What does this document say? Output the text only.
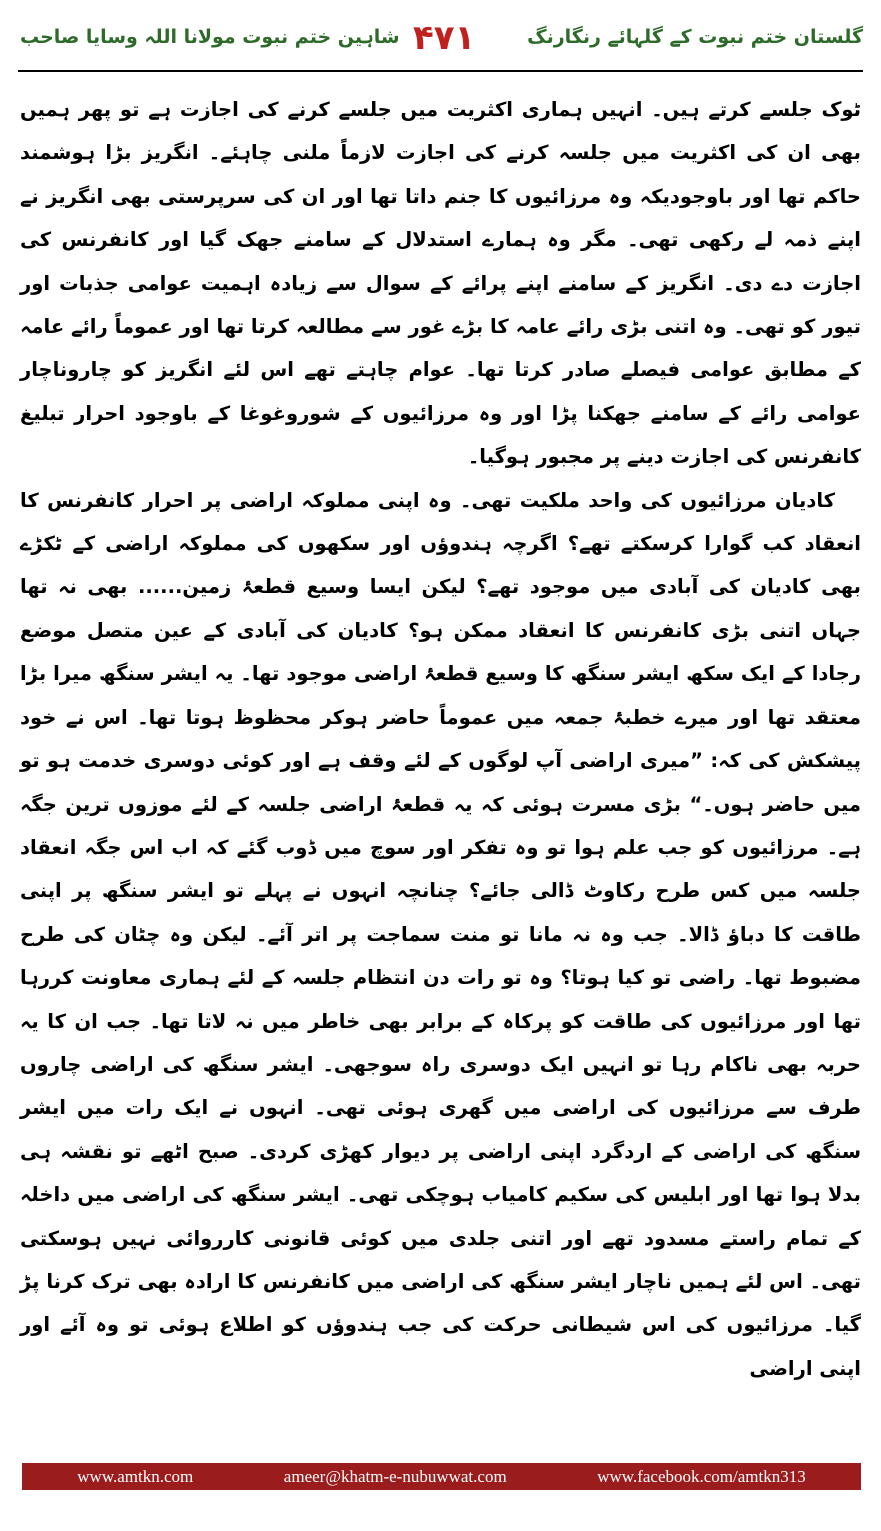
گلستان ختم نبوت کے گلہائے رنگارنگ
۴۷۱
شاہین ختم نبوت مولانا اللہ وسایا صاحب

ٹوک جلسے کرتے ہیں۔ انہیں ہماری اکثریت میں جلسے کرنے کی اجازت ہے تو پھر ہمیں بھی ان کی اکثریت میں جلسہ کرنے کی اجازت لازماً ملنی چاہئے۔ انگریز بڑا ہوشمند حاکم تھا اور باوجودیکہ وہ مرزائیوں کا جنم داتا تھا اور ان کی سرپرستی بھی انگریز نے اپنے ذمہ لے رکھی تھی۔ مگر وہ ہمارے استدلال کے سامنے جھک گیا اور کانفرنس کی اجازت دے دی۔ انگریز کے سامنے اپنے پرائے کے سوال سے زیادہ اہمیت عوامی جذبات اور تیور کو تھی۔ وہ اتنی بڑی رائے عامہ کا بڑے غور سے مطالعہ کرتا تھا اور عموماً رائے عامہ کے مطابق عوامی فیصلے صادر کرتا تھا۔ عوام چاہتے تھے اس لئے انگریز کو چاروناچار عوامی رائے کے سامنے جھکنا پڑا اور وہ مرزائیوں کے شوروغوغا کے باوجود احرار تبلیغ کانفرنس کی اجازت دینے پر مجبور ہوگیا۔

کادیان مرزائیوں کی واحد ملکیت تھی۔ وہ اپنی مملوکہ اراضی پر احرار کانفرنس کا انعقاد کب گوارا کرسکتے تھے؟ اگرچہ ہندوؤں اور سکھوں کی مملوکہ اراضی کے ٹکڑے بھی کادیان کی آبادی میں موجود تھے؟ لیکن ایسا وسیع قطعۂ زمین...... بھی نہ تھا جہاں اتنی بڑی کانفرنس کا انعقاد ممکن ہو؟ کادیان کی آبادی کے عین متصل موضع رجادا کے ایک سکھ ایشر سنگھ کا وسیع قطعۂ اراضی موجود تھا۔ یہ ایشر سنگھ میرا بڑا معتقد تھا اور میرے خطبۂ جمعہ میں عموماً حاضر ہوکر محظوظ ہوتا تھا۔ اس نے خود پیشکش کی کہ: ”میری اراضی آپ لوگوں کے لئے وقف ہے اور کوئی دوسری خدمت ہو تو میں حاضر ہوں۔“ بڑی مسرت ہوئی کہ یہ قطعۂ اراضی جلسہ کے لئے موزوں ترین جگہ ہے۔ مرزائیوں کو جب علم ہوا تو وہ تفکر اور سوچ میں ڈوب گئے کہ اب اس جگہ انعقاد جلسہ میں کس طرح رکاوٹ ڈالی جائے؟ چنانچہ انہوں نے پہلے تو ایشر سنگھ پر اپنی طاقت کا دباؤ ڈالا۔ جب وہ نہ مانا تو منت سماجت پر اتر آئے۔ لیکن وہ چٹان کی طرح مضبوط تھا۔ راضی تو کیا ہوتا؟ وہ تو رات دن انتظام جلسہ کے لئے ہماری معاونت کررہا تھا اور مرزائیوں کی طاقت کو پرکاہ کے برابر بھی خاطر میں نہ لاتا تھا۔ جب ان کا یہ حربہ بھی ناکام رہا تو انہیں ایک دوسری راہ سوجھی۔ ایشر سنگھ کی اراضی چاروں طرف سے مرزائیوں کی اراضی میں گھری ہوئی تھی۔ انہوں نے ایک رات میں ایشر سنگھ کی اراضی کے اردگرد اپنی اراضی پر دیوار کھڑی کردی۔ صبح اٹھے تو نقشہ ہی بدلا ہوا تھا اور ابلیس کی سکیم کامیاب ہوچکی تھی۔ ایشر سنگھ کی اراضی میں داخلہ کے تمام راستے مسدود تھے اور اتنی جلدی میں کوئی قانونی کارروائی نہیں ہوسکتی تھی۔ اس لئے ہمیں ناچار ایشر سنگھ کی اراضی میں کانفرنس کا ارادہ بھی ترک کرنا پڑ گیا۔ مرزائیوں کی اس شیطانی حرکت کی جب ہندوؤں کو اطلاع ہوئی تو وہ آئے اور اپنی اراضی

www.amtkn.com	ameer@khatm-e-nubuwwat.com	www.facebook.com/amtkn313
